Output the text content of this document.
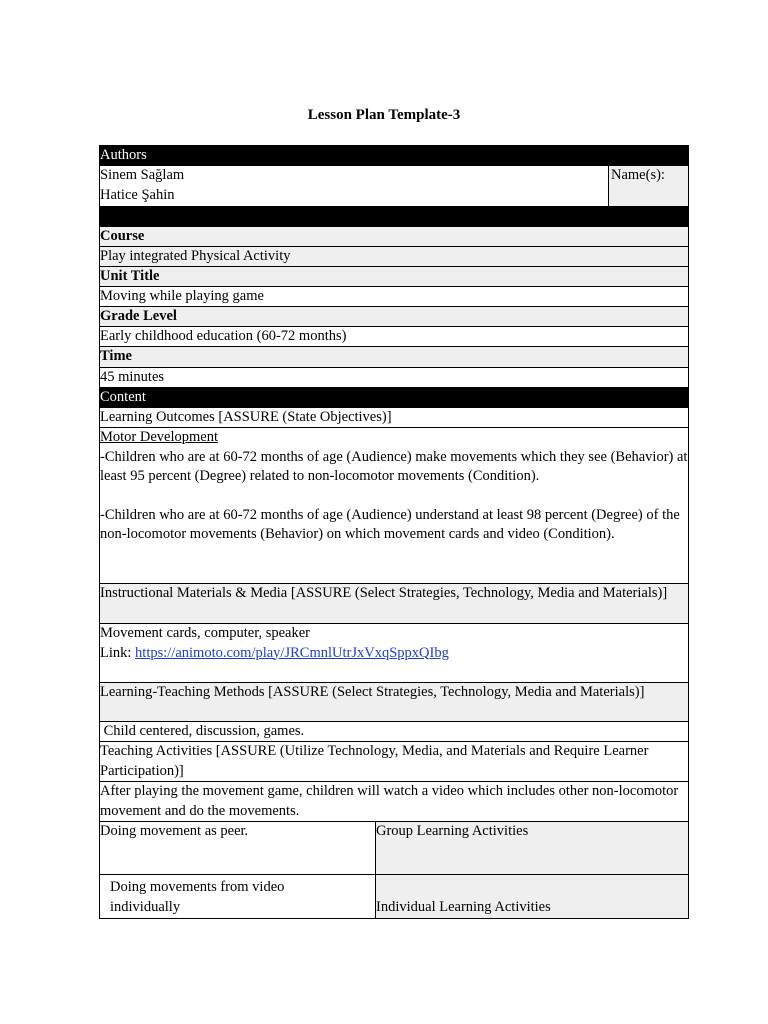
Lesson Plan Template-3
Authors
Sinem Sağlam
Hatice Şahin
Name(s):
Course
Play integrated Physical Activity
Unit Title
Moving while playing game
Grade Level
Early childhood education (60-72 months)
Time
45 minutes
Content
Learning Outcomes [ASSURE (State Objectives)]
Motor Development
-Children who are at 60-72 months of age (Audience) make movements which they see (Behavior) at least 95 percent (Degree) related to non-locomotor movements (Condition).
-Children who are at 60-72 months of age (Audience) understand at least 98 percent (Degree) of the non-locomotor movements (Behavior) on which movement cards and video (Condition).
Instructional Materials & Media [ASSURE (Select Strategies, Technology, Media and Materials)]
Movement cards, computer, speaker
Link: https://animoto.com/play/JRCmnlUtrJxVxqSppxQIbg
Learning-Teaching Methods [ASSURE (Select Strategies, Technology, Media and Materials)]
Child centered, discussion, games.
Teaching Activities [ASSURE (Utilize Technology, Media, and Materials and Require Learner Participation)]
After playing the movement game, children will watch a video which includes other non-locomotor movement and do the movements.
Doing movement as peer.	Group Learning Activities
Doing movements from video individually	Individual Learning Activities
